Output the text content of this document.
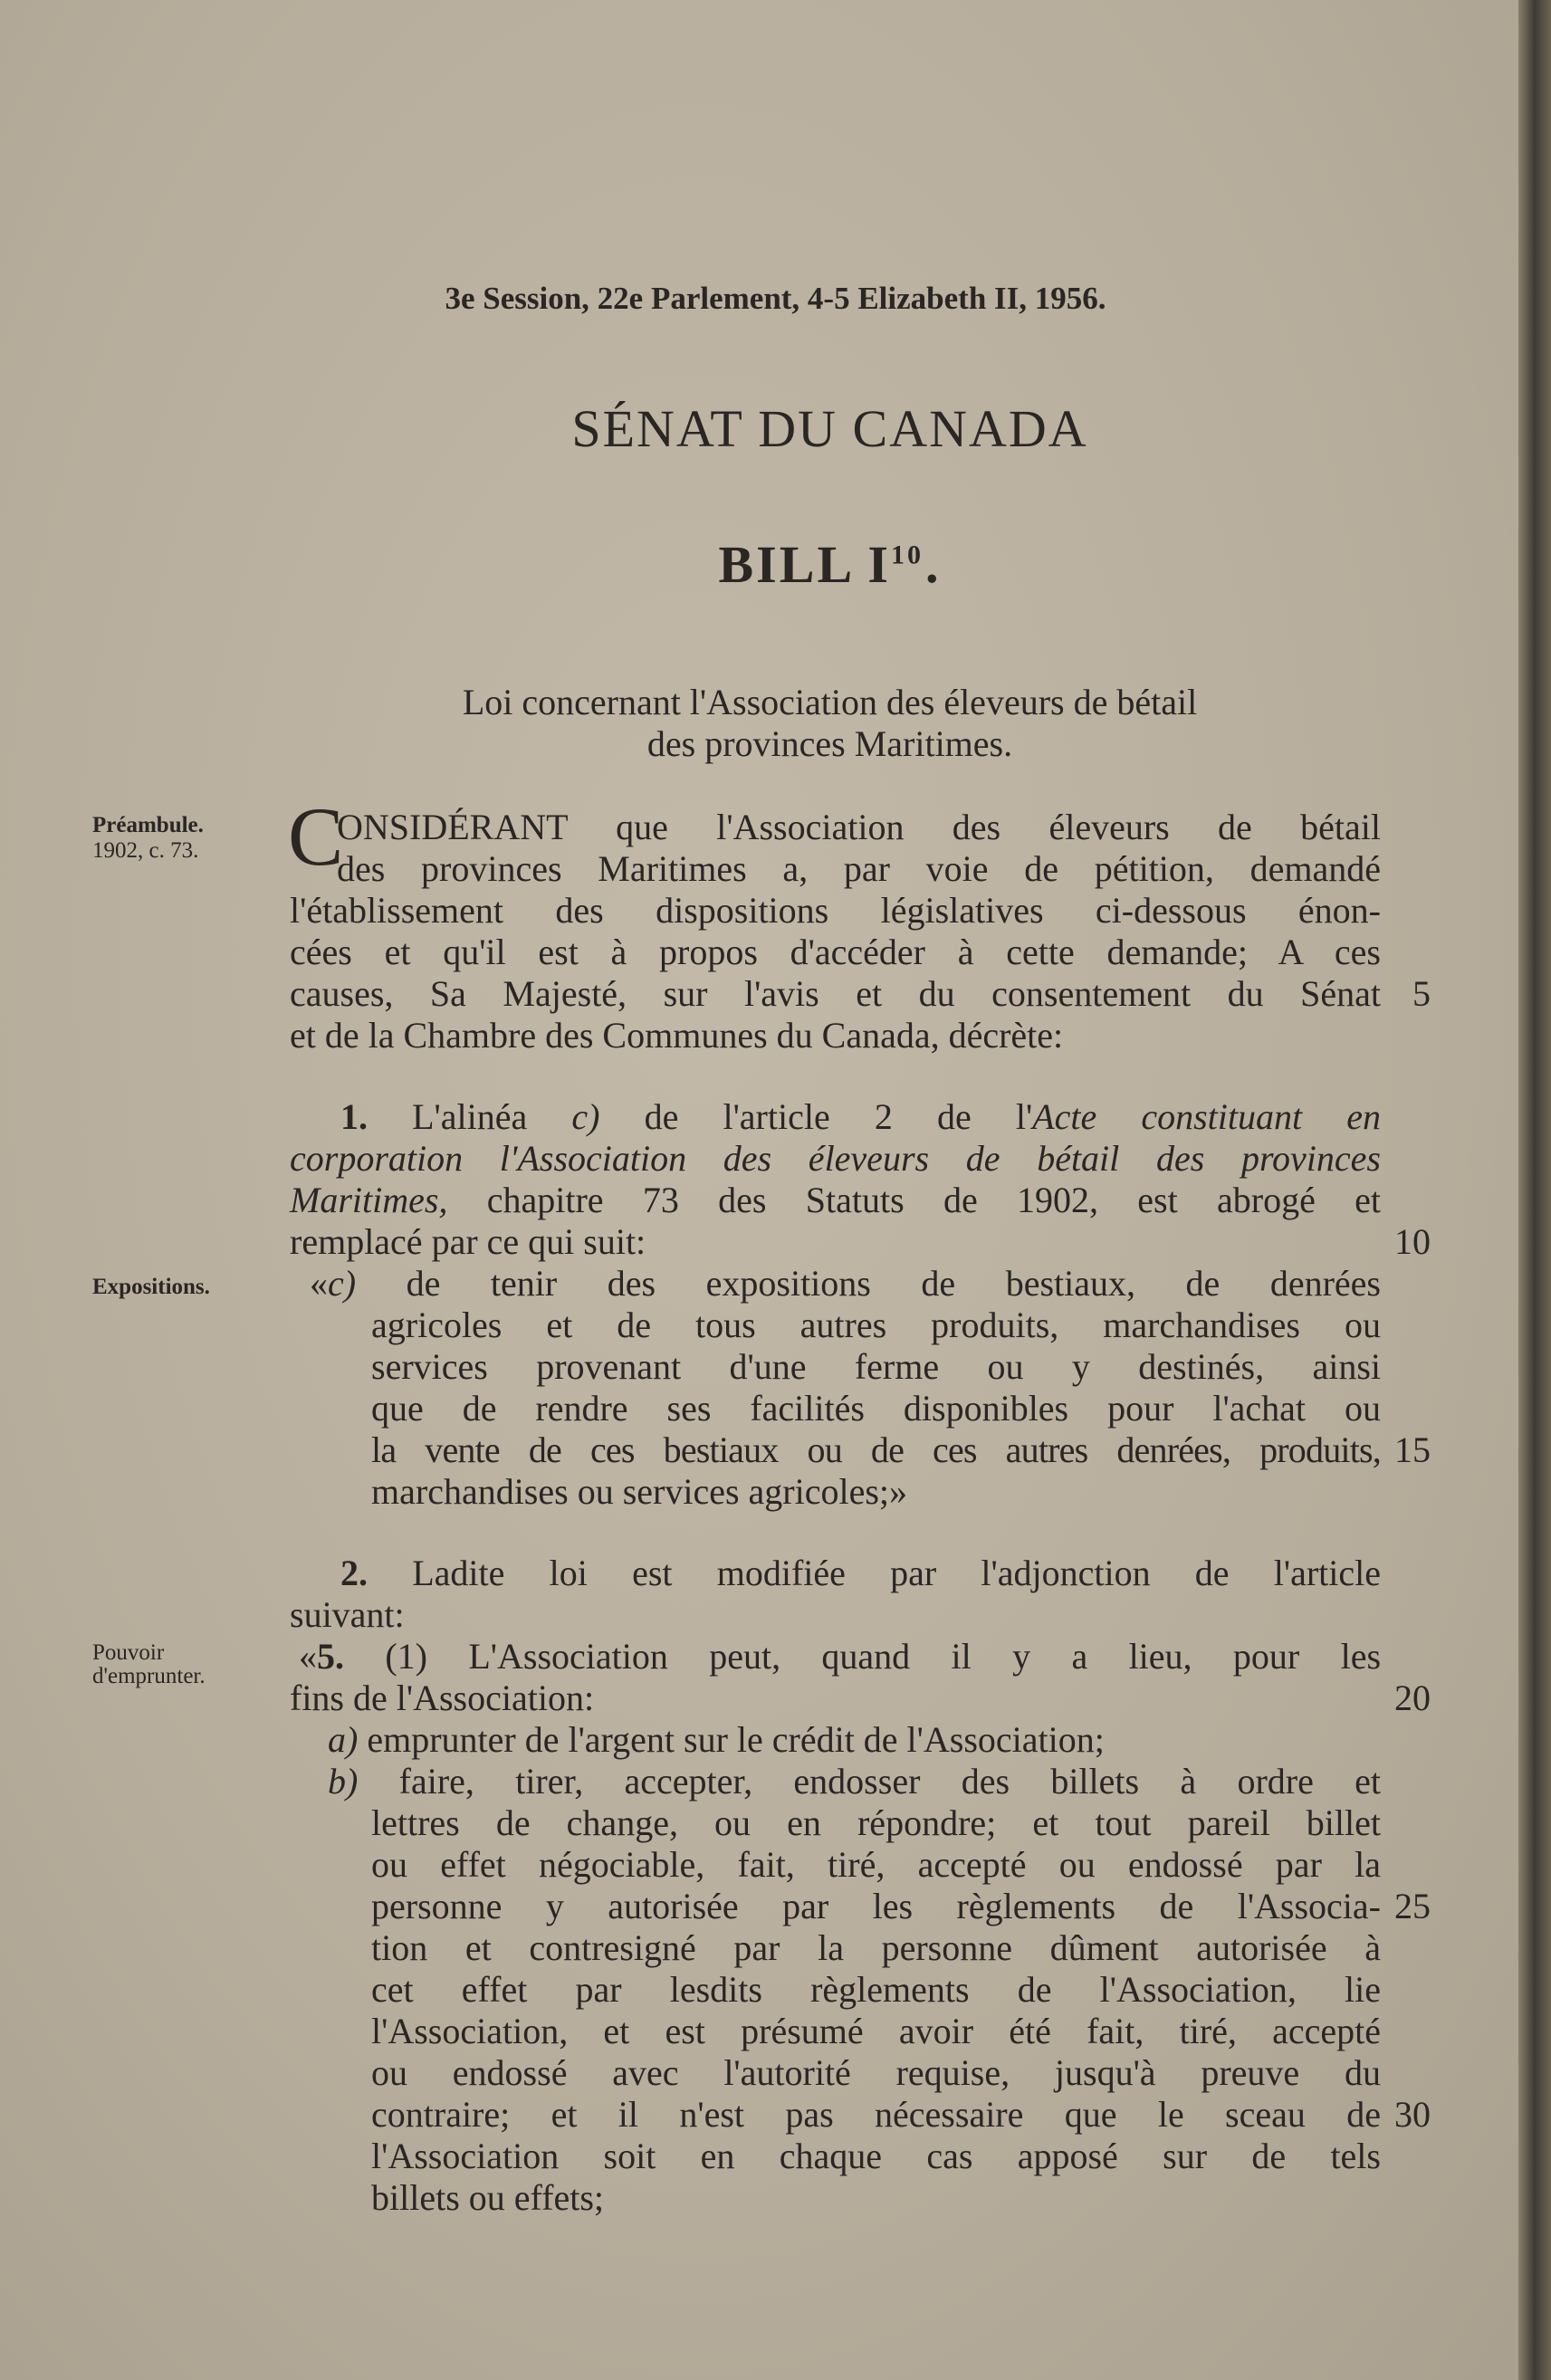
3e Session, 22e Parlement, 4-5 Elizabeth II, 1956.
SÉNAT DU CANADA
BILL $I^{10}$.
Loi concernant l'Association des éleveurs de bétail
des provinces Maritimes.
Préambule.
1902, c. 73.
Expositions.
Pouvoir
d'emprunter.
C
ONSIDÉRANT que l'Association des éleveurs de bétail
des provinces Maritimes a, par voie de pétition, demandé
l'établissement des dispositions législatives ci-dessous énon-
cées et qu'il est à propos d'accéder à cette demande; A ces
causes, Sa Majesté, sur l'avis et du consentement du Sénat
et de la Chambre des Communes du Canada, décrète:
1. L'alinéa c) de l'article 2 de l'Acte constituant en
corporation l'Association des éleveurs de bétail des provinces
Maritimes, chapitre 73 des Statuts de 1902, est abrogé et
remplacé par ce qui suit:
«c) de tenir des expositions de bestiaux, de denrées
agricoles et de tous autres produits, marchandises ou
services provenant d'une ferme ou y destinés, ainsi
que de rendre ses facilités disponibles pour l'achat ou
la vente de ces bestiaux ou de ces autres denrées, produits,
marchandises ou services agricoles;»
2. Ladite loi est modifiée par l'adjonction de l'article
suivant:
«5. (1) L'Association peut, quand il y a lieu, pour les
fins de l'Association:
a) emprunter de l'argent sur le crédit de l'Association;
b) faire, tirer, accepter, endosser des billets à ordre et
lettres de change, ou en répondre; et tout pareil billet
ou effet négociable, fait, tiré, accepté ou endossé par la
personne y autorisée par les règlements de l'Associa-
tion et contresigné par la personne dûment autorisée à
cet effet par lesdits règlements de l'Association, lie
l'Association, et est présumé avoir été fait, tiré, accepté
ou endossé avec l'autorité requise, jusqu'à preuve du
contraire; et il n'est pas nécessaire que le sceau de
l'Association soit en chaque cas apposé sur de tels
billets ou effets;
5
10
15
20
25
30
